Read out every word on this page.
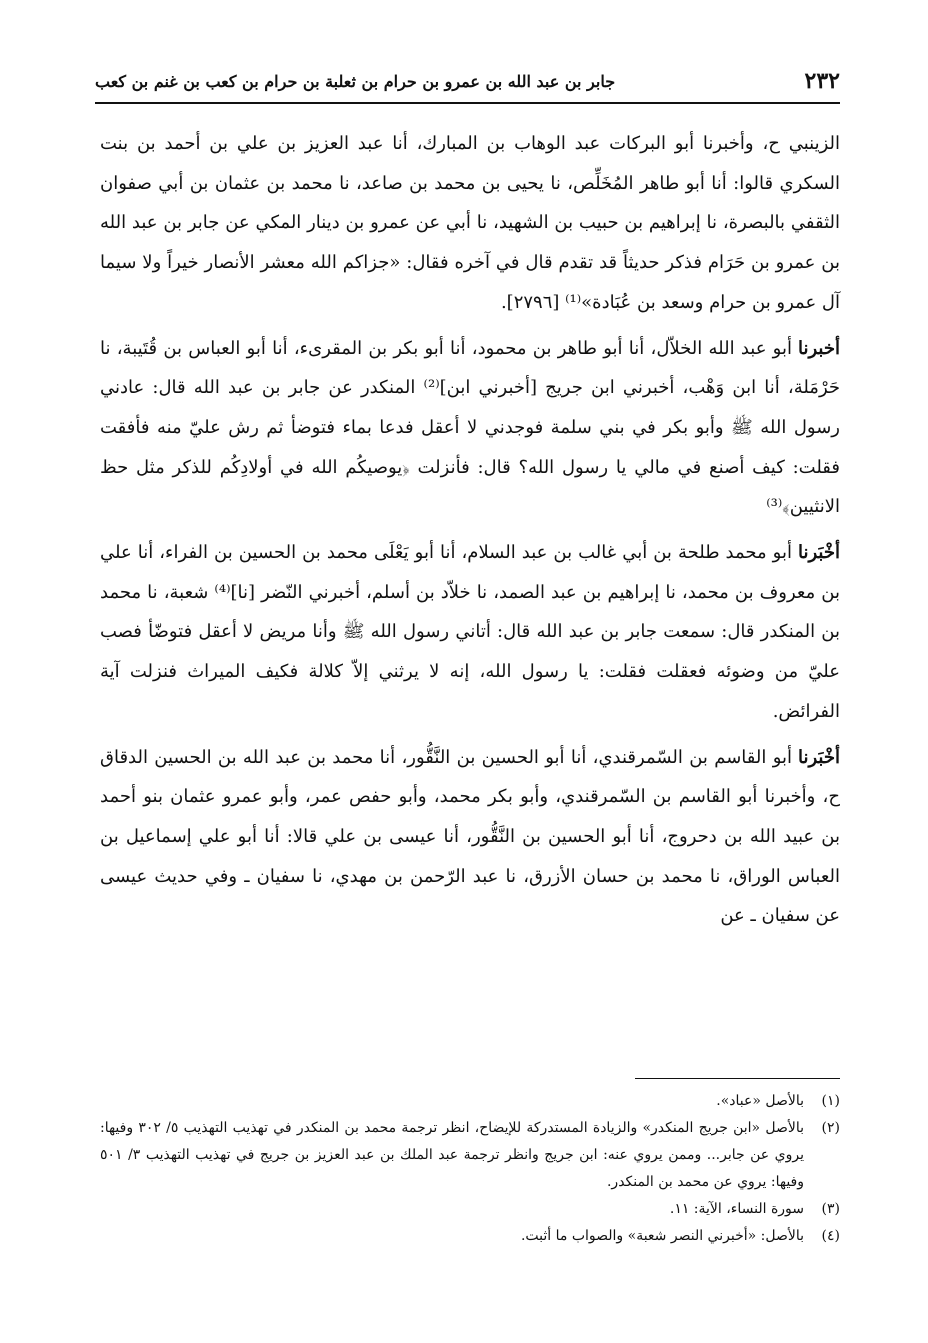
٢٣٢
جابر بن عبد الله بن عمرو بن حرام بن ثعلبة بن حرام بن كعب بن غنم بن كعب

الزينبي ح، وأخبرنا أبو البركات عبد الوهاب بن المبارك، أنا عبد العزيز بن علي بن أحمد بن بنت السكري قالوا: أنا أبو طاهر المُخَلِّص، نا يحيى بن محمد بن صاعد، نا محمد بن عثمان بن أبي صفوان الثقفي بالبصرة، نا إبراهيم بن حبيب بن الشهيد، نا أبي عن عمرو بن دينار المكي عن جابر بن عبد الله بن عمرو بن حَرَام فذكر حديثاً قد تقدم قال في آخره فقال: «جزاكم الله معشر الأنصار خيراً ولا سيما آل عمرو بن حرام وسعد بن عُبَادة»⁽¹⁾ [٢٧٩٦].

أخبرناأبو عبد الله الخلاّل، أنا أبو طاهر بن محمود، أنا أبو بكر بن المقرىء، أنا أبو العباس بن قُتَيبة، نا حَرْمَلة، أنا ابن وَهْب، أخبرني ابن جريج [أخبرني ابن]⁽²⁾ المنكدر عن جابر بن عبد الله قال: عادني رسول الله ﷺ وأبو بكر في بني سلمة فوجدني لا أعقل فدعا بماء فتوضأ ثم رش عليّ منه فأفقت فقلت: كيف أصنع في مالي يا رسول الله؟ قال: فأنزلت ﴿يوصيكُم الله في أولادِكُم للذكر مثل حظ الانثيين﴾⁽³⁾

أخْبَرناأبو محمد طلحة بن أبي غالب بن عبد السلام، أنا أبو يَعْلَى محمد بن الحسين بن الفراء، أنا علي بن معروف بن محمد، نا إبراهيم بن عبد الصمد، نا خلاّد بن أسلم، أخبرني النّضر [نا]⁽⁴⁾ شعبة، نا محمد بن المنكدر قال: سمعت جابر بن عبد الله قال: أتاني رسول الله ﷺ وأنا مريض لا أعقل فتوضّأ فصب عليّ من وضوئه فعقلت فقلت: يا رسول الله، إنه لا يرثني إلاّ كلالة فكيف الميراث فنزلت آية الفرائض.

أخْبَرناأبو القاسم بن السّمرقندي، أنا أبو الحسين بن النَّقُّور، أنا محمد بن عبد الله بن الحسين الدقاق ح، وأخبرنا أبو القاسم بن السّمرقندي، وأبو بكر محمد، وأبو حفص عمر، وأبو عمرو عثمان بنو أحمد بن عبيد الله بن دحروج، أنا أبو الحسين بن النَّقُّور، أنا عيسى بن علي قالا: أنا أبو علي إسماعيل بن العباس الوراق، نا محمد بن حسان الأزرق، نا عبد الرّحمن بن مهدي، نا سفيان ـ وفي حديث عيسى عن سفيان ـ عن

(١)
بالأصل «عباد».
(٢)
بالأصل «ابن جريج المنكدر» والزيادة المستدركة للإيضاح، انظر ترجمة محمد بن المنكدر في تهذيب التهذيب ٥/ ٣٠٢ وفيها: يروي عن جابر... وممن يروي عنه: ابن جريج وانظر ترجمة عبد الملك بن عبد العزيز بن جريج في تهذيب التهذيب ٣/ ٥٠١ وفيها: يروي عن محمد بن المنكدر.
(٣)
سورة النساء، الآية: ١١.
(٤)
بالأصل: «أخبرني النصر شعبة» والصواب ما أثبت.
